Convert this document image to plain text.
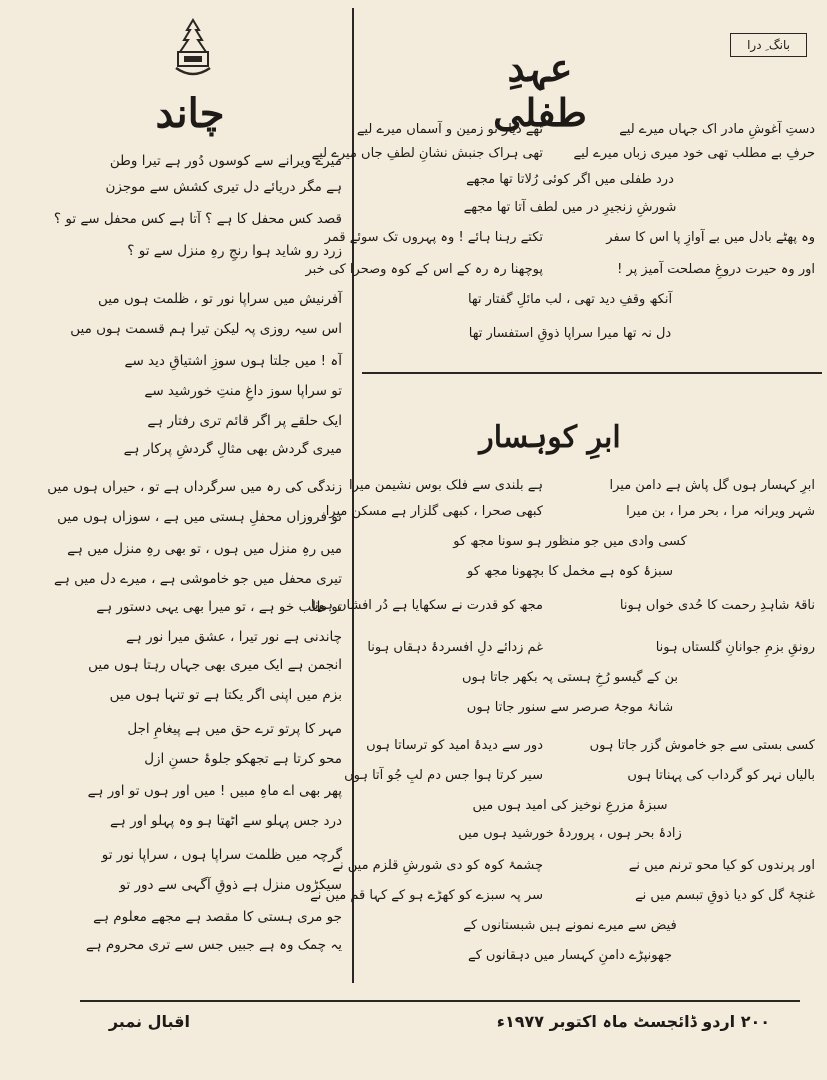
بانگ ِ درا
عہدِ طفلی
چاند
ابرِ کوہسار
دستِ آغوشِ مادر اک جہاں میرے لیے
تھے دیار نو زمین و آسماں میرے لیے
حرفِ بے مطلب تھی خود میری زباں میرے لیے
تھی ہراک جنبش نشانِ لطفِ جاں میرے لیے
درد طفلی میں اگر کوئی رُلاتا تھا مجھے
شورشِ زنجیرِ در میں لطف آتا تھا مجھے
وہ پھٹے بادل میں بے آوازِ پا اس کا سفر
تکتے رہنا ہائے ! وہ پہروں تک سوئے قمر
اور وہ حیرت دروغِ مصلحت آمیز پر !
پوچھنا رہ رہ کے اس کے کوہ وصحرا کی خبر
آنکھ وقفِ دید تھی ، لب مائلِ گفتار تھا
دل نہ تھا میرا سراپا ذوقِ استفسار تھا
میرے ویرانے سے کوسوں دُور ہے تیرا وطن
ہے مگر دریائے دل تیری کشش سے موجزن
قصد کس محفل کا ہے ؟ آتا ہے کس محفل سے تو ؟
زرد رو شاید ہوا رنجِ رہِ منزل سے تو ؟
آفرنیش میں سراپا نور تو ، ظلمت ہوں میں
اس سیہ روزی پہ لیکن تیرا ہم قسمت ہوں میں
آہ ! میں جلتا ہوں سوزِ اشتیاقِ دید سے
تو سراپا سوز داغِ منتِ خورشید سے
ایک حلقے پر اگر قائم تری رفتار ہے
میری گردش بھی مثالِ گردشِ پرکار ہے
زندگی کی رہ میں سرگرداں ہے تو ، حیراں ہوں میں
تو فروزاں محفلِ ہستی میں ہے ، سوزاں ہوں میں
میں رہِ منزل میں ہوں ، تو بھی رہِ منزل میں ہے
تیری محفل میں جو خاموشی ہے ، میرے دل میں ہے
تو طلب خو ہے ، تو میرا بھی یہی دستور ہے
چاندنی ہے نور تیرا ، عشق میرا نور ہے
انجمن ہے ایک میری بھی جہاں رہتا ہوں میں
بزم میں اپنی اگر یکتا ہے تو تنہا ہوں میں
مہر کا پرتو ترے حق میں ہے پیغامِ اجل
محو کرتا ہے تجھکو جلوۂ حسنِ ازل
پھر بھی اے ماہِ مبیں ! میں اور ہوں تو اور ہے
درد جس پہلو سے اٹھتا ہو وہ پہلو اور ہے
گرچہ میں ظلمت سراپا ہوں ، سراپا نور تو
سیکڑوں منزل ہے ذوقِ آگہی سے دور تو
جو مری ہستی کا مقصد ہے مجھے معلوم ہے
یہ چمک وہ ہے جبیں جس سے تری محروم ہے
ابرِ کہسار ہوں گل پاش ہے دامن میرا
ہے بلندی سے فلک بوس نشیمن میرا
شہر ویرانہ مرا ، بحر مرا ، بن میرا
کبھی صحرا ، کبھی گلزار ہے مسکن میرا
کسی وادی میں جو منظور ہو سونا مجھ کو
سبزۂ کوہ ہے مخمل کا بچھونا مجھ کو
ناقۂ شاہدِ رحمت کا حُدی خواں ہونا
مجھ کو قدرت نے سکھایا ہے دُر افشاں ہونا
رونقِ بزمِ جوانانِ گلستاں ہونا
غم زدائے دلِ افسردۂ دہقاں ہونا
بن کے گیسو رُخِ ہستی پہ بکھر جاتا ہوں
شانۂ موجۂ صرصر سے سنور جاتا ہوں
کسی بستی سے جو خاموش گزر جاتا ہوں
دور سے دیدۂ امید کو ترساتا ہوں
بالیاں نہر کو گرداب کی پہناتا ہوں
سیر کرتا ہوا جس دم لبِ جُو آتا ہوں
سبزۂ مزرعِ نوخیز کی امید ہوں میں
زادۂ بحر ہوں ، پروردۂ خورشید ہوں میں
اور پرندوں کو کیا محو ترنم میں نے
چشمۂ کوہ کو دی شورشِ قلزم میں نے
غنچۂ گل کو دیا ذوقِ تبسم میں نے
سر پہ سبزے کو کھڑے ہو کے کہا قم میں نے
فیض سے میرے نمونے ہیں شبستانوں کے
جھونپڑے دامنِ کہسار میں دہقانوں کے
۲۰۰ اردو ڈائجسٹ ماہ اکتوبر ۱۹۷۷ء
اقبال نمبر
